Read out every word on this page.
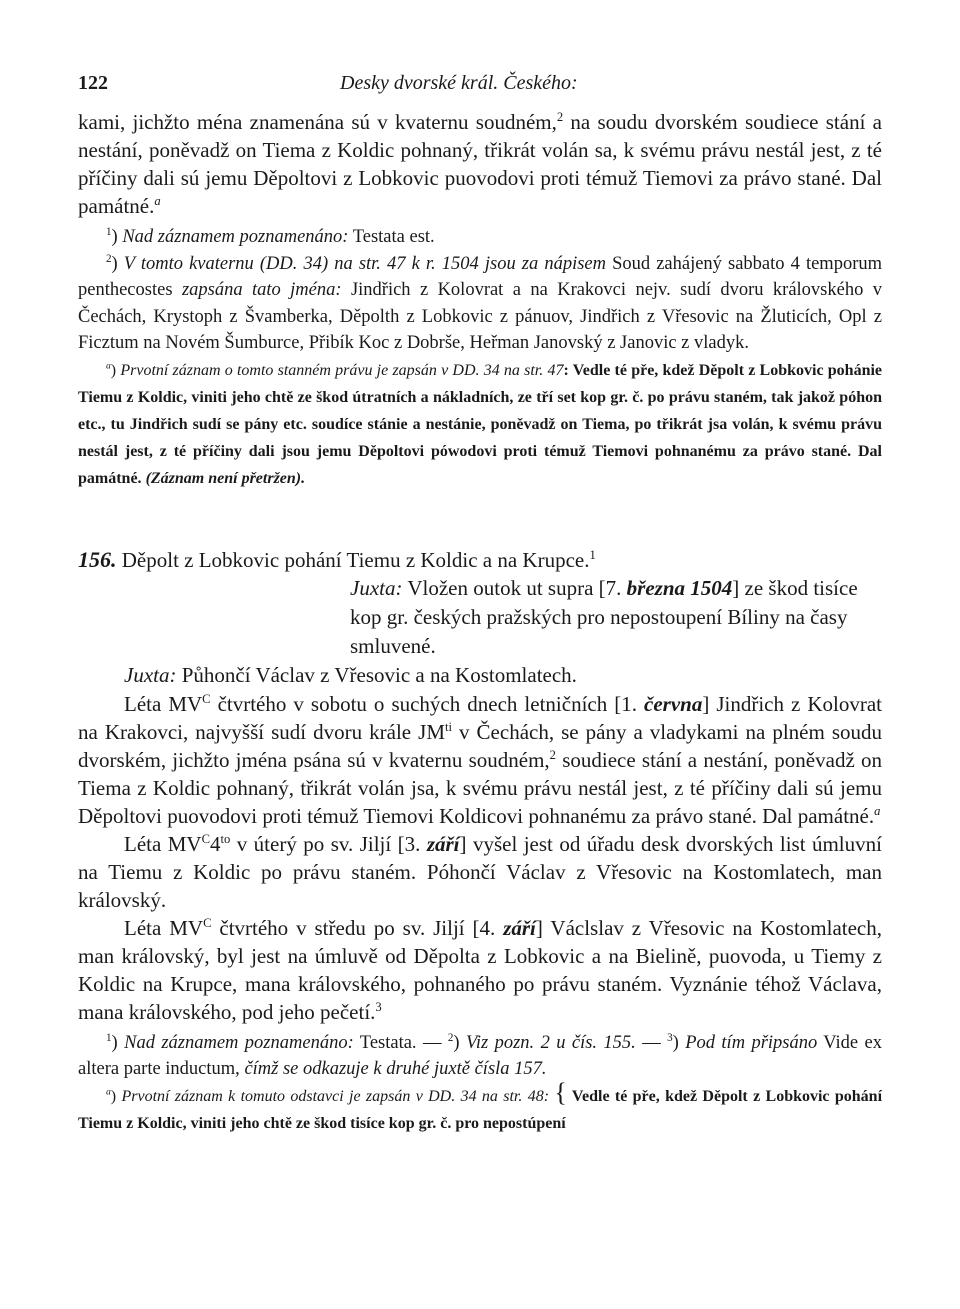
122	Desky dvorské král. Českého:

kami, jichžto ména znamenána sú v kvaternu soudném,$^2$ na soudu dvorském soudiece stání a nestání, poněvadž on Tiema z Koldic pohnaný, třikrát volán sa, k svému právu nestál jest, z té příčiny dali sú jemu Děpoltovi z Lobkovic puovodovi proti témuž Tiemovi za právo stané. Dal památné.$^a$

$^1$) Nad záznamem poznamenáno: Testata est.

$^2$) V tomto kvaternu (DD. 34) na str. 47 k r. 1504 jsou za nápisem Soud zahájený sabbato 4 temporum penthecostes zapsána tato jména: Jindřich z Kolovrat a na Krakovci nejv. sudí dvoru královského v Čechách, Krystoph z Švamberka, Děpolth z Lobkovic z pánuov, Jindřich z Vřesovic na Žluticích, Opl z Ficztum na Novém Šumburce, Přibík Koc z Dobrše, Heřman Janovský z Janovic z vladyk.

$^a$) Prvotní záznam o tomto stanném právu je zapsán v DD. 34 na str. 47: Vedle té pře, kdež Děpolt z Lobkovic pohánie Tiemu z Koldic, viniti jeho chtě ze škod útratních a nákladních, ze tří set kop gr. č. po právu staném, tak jakož póhon etc., tu Jindřich sudí se pány etc. soudíce stánie a nestánie, poněvadž on Tiema, po třikrát jsa volán, k svému právu nestál jest, z té příčiny dali jsou jemu Děpoltovi pówodovi proti témuž Tiemovi pohnanému za právo stané. Dal památné. (Záznam není přetržen).

156. Děpolt z Lobkovic pohání Tiemu z Koldic a na Krupce.$^1$

Juxta: Vložen outok ut supra [7. března 1504] ze škod tisíce kop gr. českých pražských pro nepostoupení Bíliny na časy smluvené.

Juxta: Půhončí Václav z Vřesovic a na Kostomlatech.

Léta $MV^C$ čtvrtého v sobotu o suchých dnech letničních [1. června] Jindřich z Kolovrat na Krakovci, najvyšší sudí dvoru krále $JM^{ti}$ v Čechách, se pány a vladykami na plném soudu dvorském, jichžto jména psána sú v kvaternu soudném,$^2$ soudiece stání a nestání, poněvadž on Tiema z Koldic pohnaný, třikrát volán jsa, k svému právu nestál jest, z té příčiny dali sú jemu Děpoltovi puovodovi proti témuž Tiemovi Koldicovi pohnanému za právo stané. Dal památné.$^a$

Léta $MV^C4^{to}$ v úterý po sv. Jiljí [3. září] vyšel jest od úřadu desk dvorských list úmluvní na Tiemu z Koldic po právu staném. Póhončí Václav z Vřesovic na Kostomlatech, man královský.

Léta $MV^C$ čtvrtého v středu po sv. Jiljí [4. září] Václslav z Vřesovic na Kostomlatech, man královský, byl jest na úmluvě od Děpolta z Lobkovic a na Bielině, puovoda, u Tiemy z Koldic na Krupce, mana královského, pohnaného po právu staném. Vyznánie téhož Václava, mana královského, pod jeho pečetí.$^3$

$^1$) Nad záznamem poznamenáno: Testata. — $^2$) Viz pozn. 2 u čís. 155. — $^3$) Pod tím připsáno Vide ex altera parte inductum, čímž se odkazuje k druhé juxtě čísla 157.

$^a$) Prvotní záznam k tomuto odstavci je zapsán v DD. 34 na str. 48: { Vedle té pře, kdež Děpolt z Lobkovic pohání Tiemu z Koldic, viniti jeho chtě ze škod tisíce kop gr. č. pro nepostúpení
